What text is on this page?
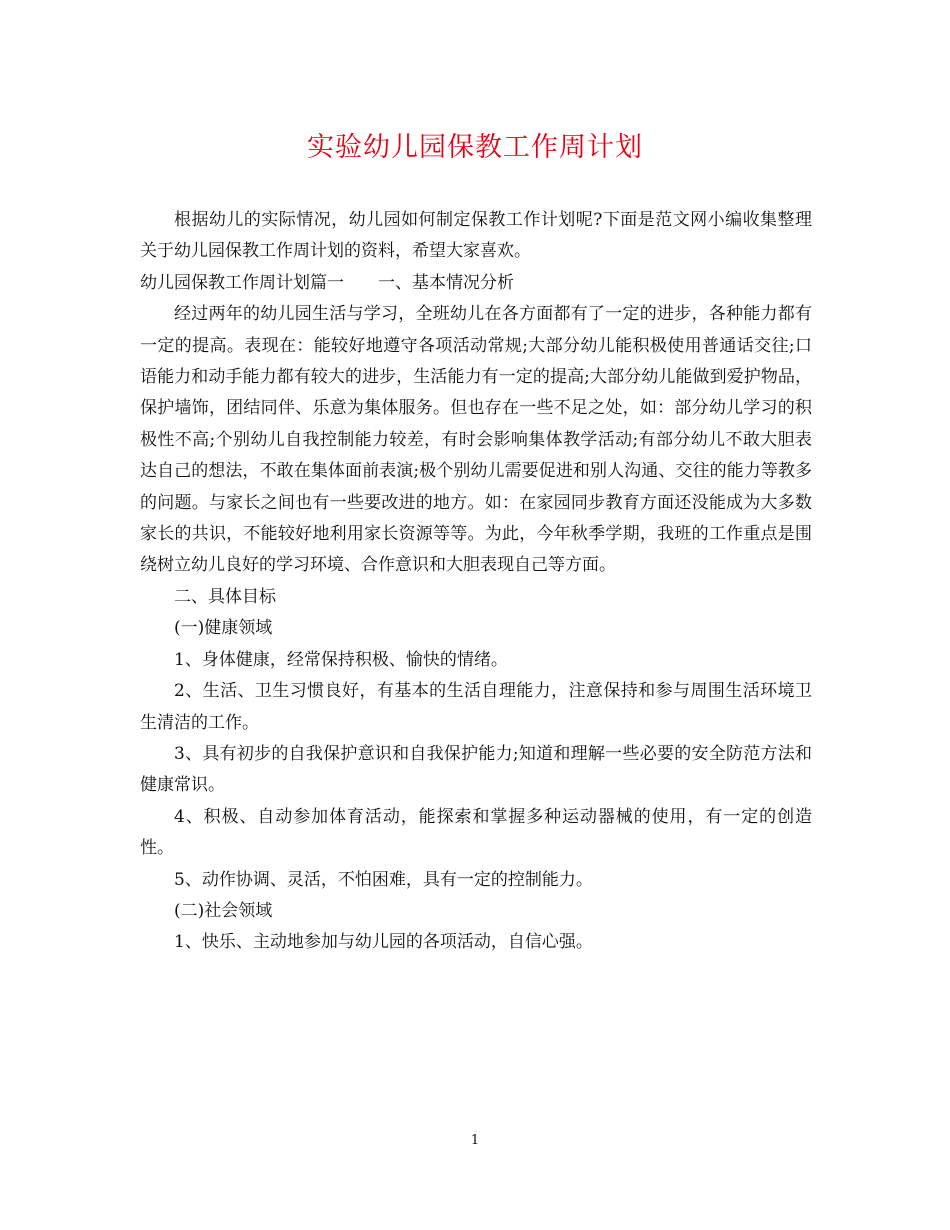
实验幼儿园保教工作周计划

根据幼儿的实际情况，幼儿园如何制定保教工作计划呢?下面是范文网小编收集整理关于幼儿园保教工作周计划的资料，希望大家喜欢。

幼儿园保教工作周计划篇一　　一、基本情况分析

经过两年的幼儿园生活与学习，全班幼儿在各方面都有了一定的进步，各种能力都有一定的提高。表现在：能较好地遵守各项活动常规;大部分幼儿能积极使用普通话交往;口语能力和动手能力都有较大的进步，生活能力有一定的提高;大部分幼儿能做到爱护物品，保护墙饰，团结同伴、乐意为集体服务。但也存在一些不足之处，如：部分幼儿学习的积极性不高;个别幼儿自我控制能力较差，有时会影响集体教学活动;有部分幼儿不敢大胆表达自己的想法，不敢在集体面前表演;极个别幼儿需要促进和别人沟通、交往的能力等教多的问题。与家长之间也有一些要改进的地方。如：在家园同步教育方面还没能成为大多数家长的共识，不能较好地利用家长资源等等。为此，今年秋季学期，我班的工作重点是围绕树立幼儿良好的学习环境、合作意识和大胆表现自己等方面。

二、具体目标

(一)健康领域

1、身体健康，经常保持积极、愉快的情绪。

2、生活、卫生习惯良好，有基本的生活自理能力，注意保持和参与周围生活环境卫生清洁的工作。

3、具有初步的自我保护意识和自我保护能力;知道和理解一些必要的安全防范方法和健康常识。

4、积极、自动参加体育活动，能探索和掌握多种运动器械的使用，有一定的创造性。

5、动作协调、灵活，不怕困难，具有一定的控制能力。

(二)社会领域

1、快乐、主动地参加与幼儿园的各项活动，自信心强。

1
